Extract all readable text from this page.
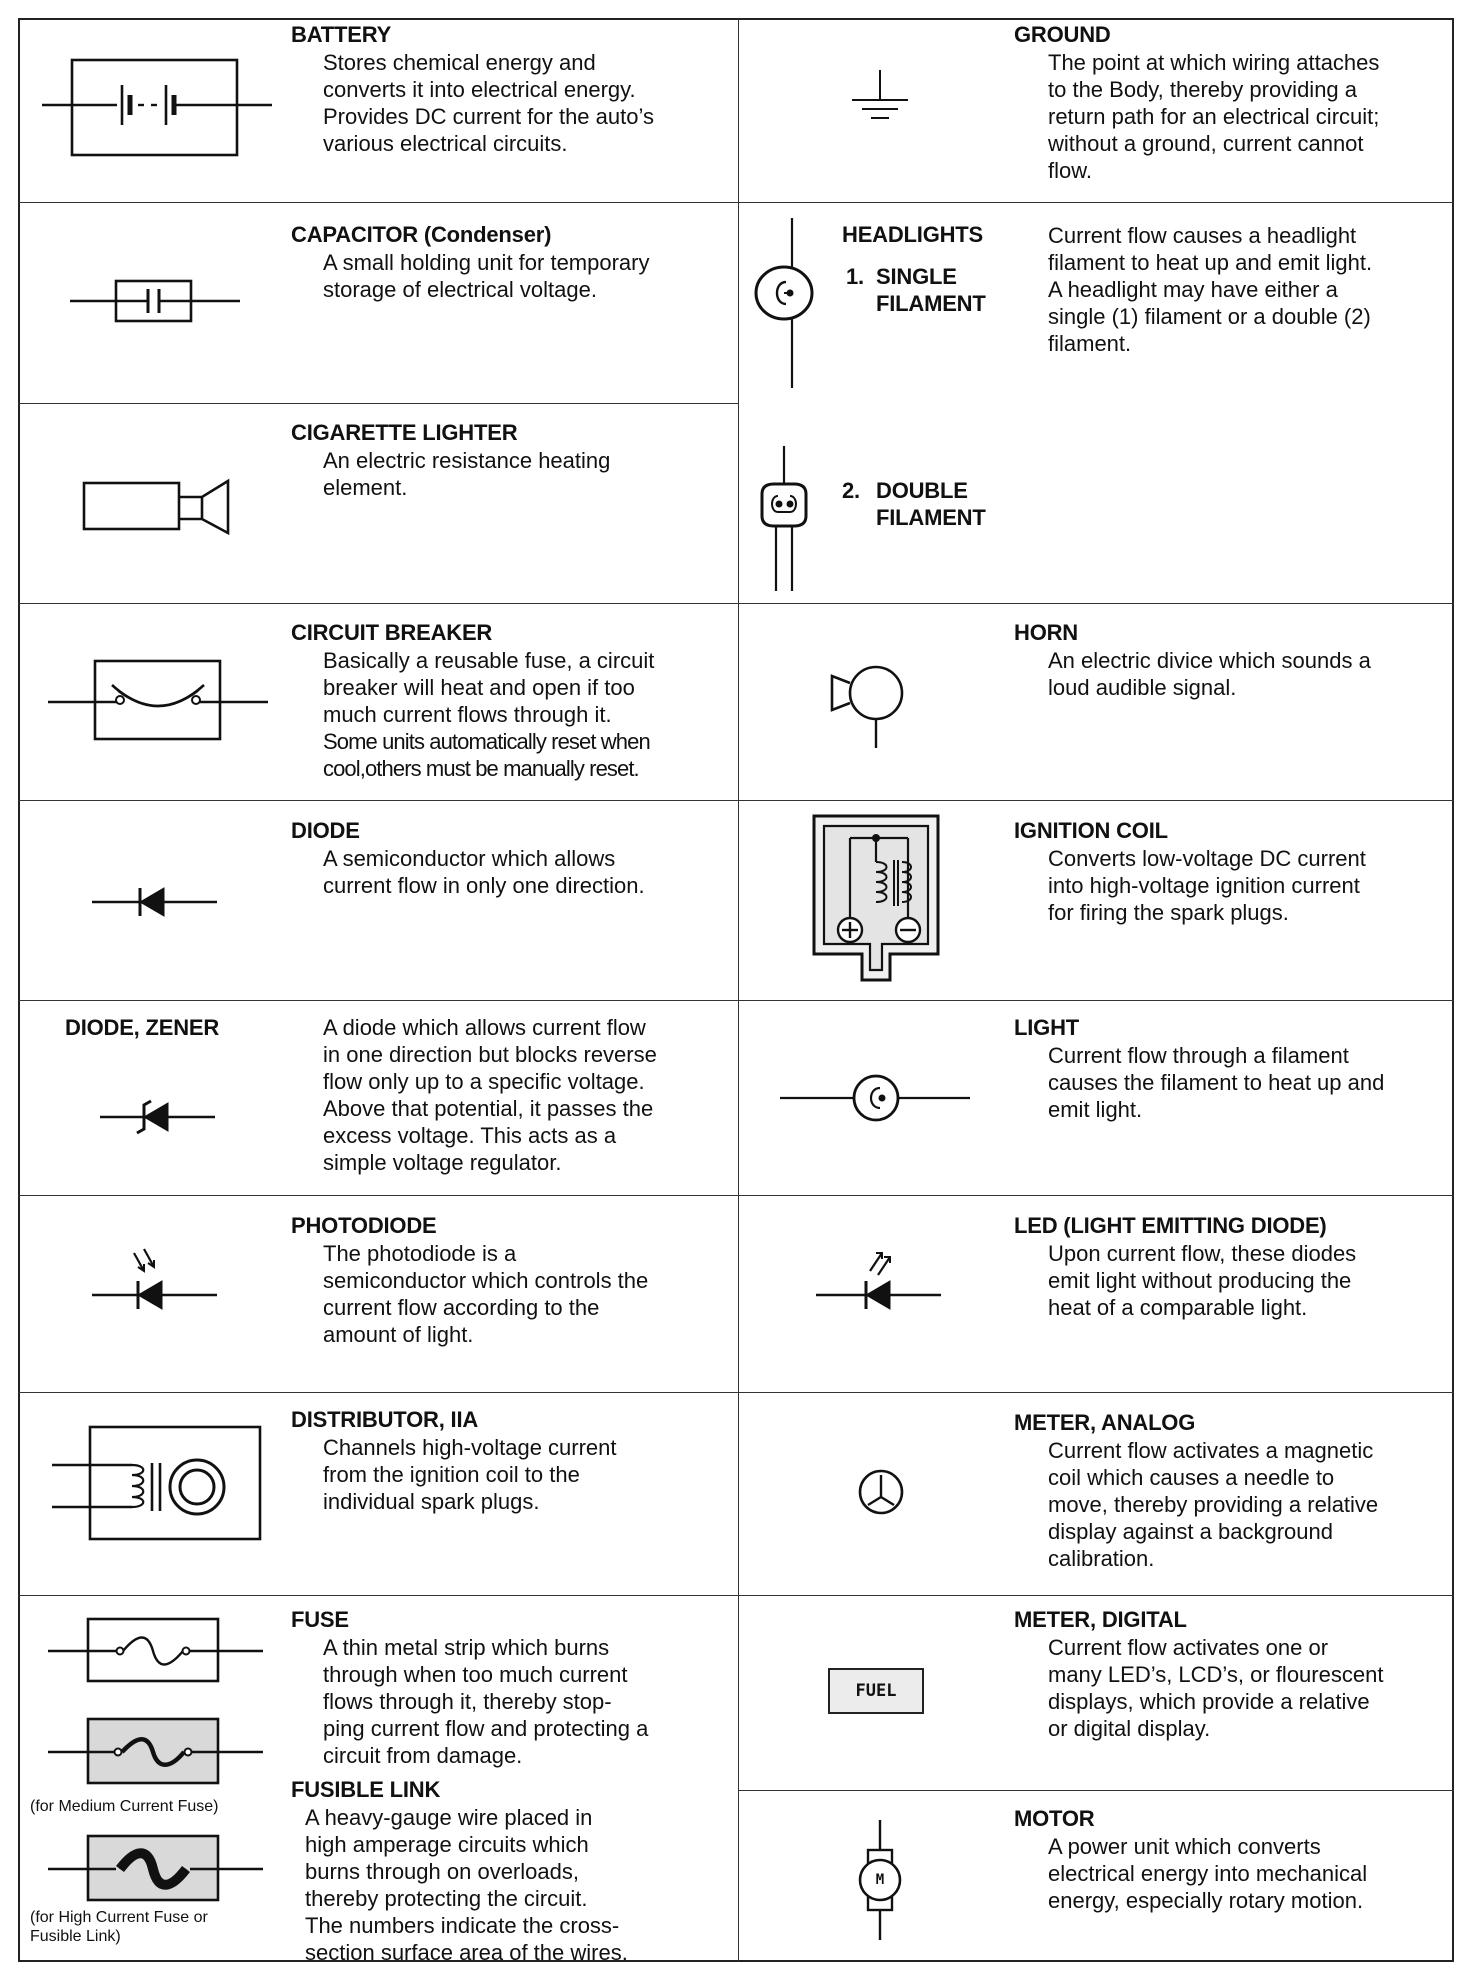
BATTERY
Stores chemical energy and
converts it into electrical energy.
Provides DC current for the auto’s
various electrical circuits.
CAPACITOR (Condenser)
A small holding unit for temporary
storage of electrical voltage.
CIGARETTE LIGHTER
An electric resistance heating
element.
CIRCUIT BREAKER
Basically a reusable fuse, a circuit
breaker will heat and open if too
much current flows through it.
Some units automatically reset when
cool,others must be manually reset.
DIODE
A semiconductor which allows
current flow in only one direction.
DIODE, ZENER	A diode which allows current flow
in one direction but blocks reverse
flow only up to a specific voltage.
Above that potential, it passes the
excess voltage. This acts as a
simple voltage regulator.
PHOTODIODE
The photodiode is a
semiconductor which controls the
current flow according to the
amount of light.
DISTRIBUTOR, IIA
Channels high-voltage current
from the ignition coil to the
individual spark plugs.
(for Medium Current Fuse)
(for High Current Fuse or
Fusible Link)
FUSE
A thin metal strip which burns
through when too much current
flows through it, thereby stop-
ping current flow and protecting a
circuit from damage.
FUSIBLE LINK
A heavy-gauge wire placed in
high amperage circuits which
burns through on overloads,
thereby protecting the circuit.
The numbers indicate the cross-
section surface area of the wires.
GROUND
The point at which wiring attaches
to the Body, thereby providing a
return path for an electrical circuit;
without a ground, current cannot
flow.
HEADLIGHTS
1. SINGLE
FILAMENT
2. DOUBLE
FILAMENT
Current flow causes a headlight
filament to heat up and emit light.
A headlight may have either a
single (1) filament or a double (2)
filament.
HORN
An electric divice which sounds a
loud audible signal.
IGNITION COIL
Converts low-voltage DC current
into high-voltage ignition current
for firing the spark plugs.
LIGHT
Current flow through a filament
causes the filament to heat up and
emit light.
LED (LIGHT EMITTING DIODE)
Upon current flow, these diodes
emit light without producing the
heat of a comparable light.
METER, ANALOG
Current flow activates a magnetic
coil which causes a needle to
move, thereby providing a relative
display against a background
calibration.
FUEL
METER, DIGITAL
Current flow activates one or
many LED’s, LCD’s, or flourescent
displays, which provide a relative
or digital display.
M
MOTOR
A power unit which converts
electrical energy into mechanical
energy, especially rotary motion.
